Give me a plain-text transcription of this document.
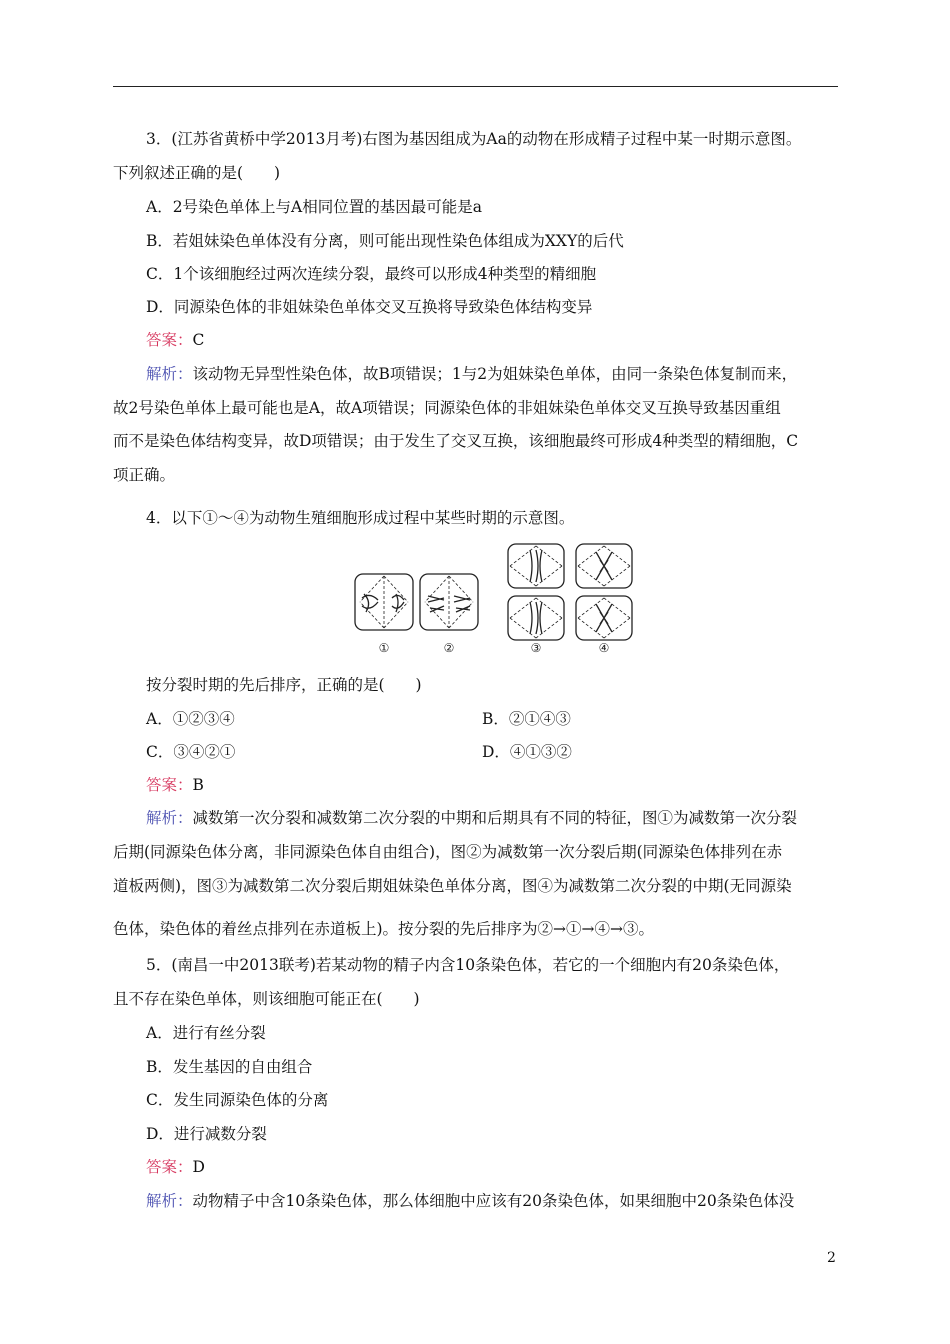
3．(江苏省黄桥中学2013月考)右图为基因组成为Aa的动物在形成精子过程中某一时期示意图。
下列叙述正确的是(　　)
A．2号染色单体上与A相同位置的基因最可能是a
B．若姐妹染色单体没有分离，则可能出现性染色体组成为XXY的后代
C．1个该细胞经过两次连续分裂，最终可以形成4种类型的精细胞
D．同源染色体的非姐妹染色单体交叉互换将导致染色体结构变异
答案：C
解析：该动物无异型性染色体，故B项错误；1与2为姐妹染色单体，由同一条染色体复制而来，
故2号染色单体上最可能也是A，故A项错误；同源染色体的非姐妹染色单体交叉互换导致基因重组
而不是染色体结构变异，故D项错误；由于发生了交叉互换，该细胞最终可形成4种类型的精细胞，C
项正确。
4．以下①～④为动物生殖细胞形成过程中某些时期的示意图。
①	②	③	④
按分裂时期的先后排序，正确的是(　　)
A．①②③④	B．②①④③
C．③④②①	D．④①③②
答案：B
解析：减数第一次分裂和减数第二次分裂的中期和后期具有不同的特征，图①为减数第一次分裂
后期(同源染色体分离，非同源染色体自由组合)，图②为减数第一次分裂后期(同源染色体排列在赤
道板两侧)，图③为减数第二次分裂后期姐妹染色单体分离，图④为减数第二次分裂的中期(无同源染
色体，染色体的着丝点排列在赤道板上)。按分裂的先后排序为②→①→④→③。
5．(南昌一中2013联考)若某动物的精子内含10条染色体，若它的一个细胞内有20条染色体，
且不存在染色单体，则该细胞可能正在(　　)
A．进行有丝分裂
B．发生基因的自由组合
C．发生同源染色体的分离
D．进行减数分裂
答案：D
解析：动物精子中含10条染色体，那么体细胞中应该有20条染色体，如果细胞中20条染色体没
2
